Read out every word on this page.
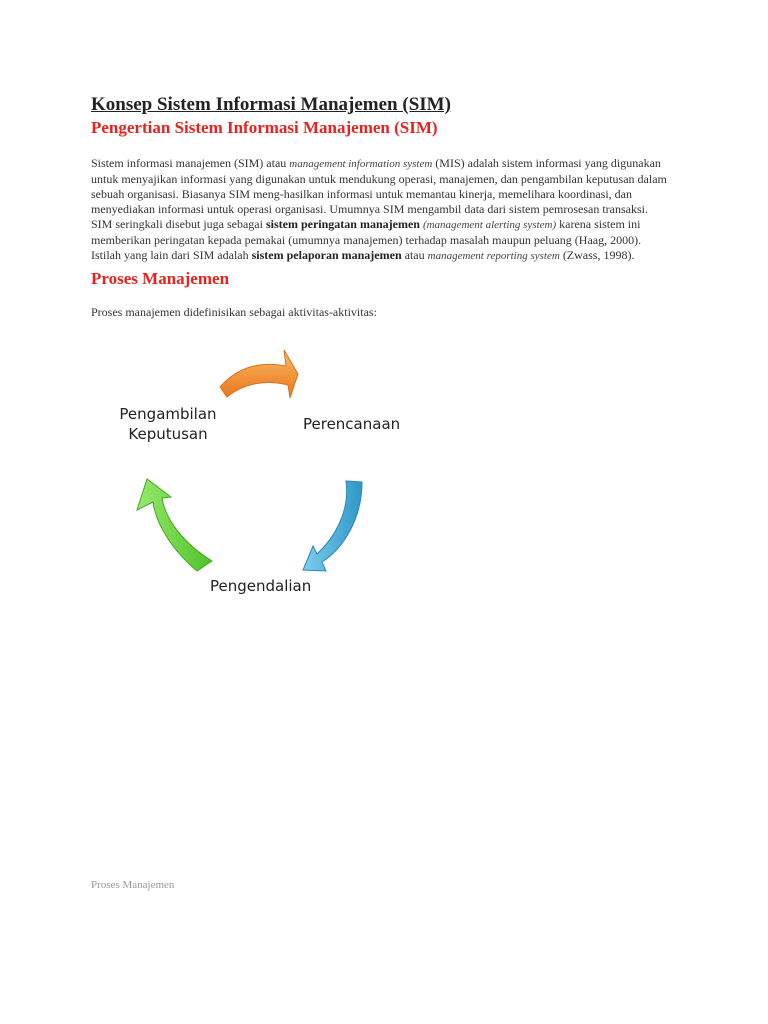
Konsep Sistem Informasi Manajemen (SIM)
Pengertian Sistem Informasi Manajemen (SIM)

Sistem informasi manajemen (SIM) atau management information system (MIS) adalah sistem informasi yang digunakan untuk menyajikan informasi yang digunakan untuk mendukung operasi, manajemen, dan pengambilan keputusan dalam sebuah organisasi. Biasanya SIM meng-hasilkan informasi untuk memantau kinerja, memelihara koordinasi, dan menyediakan informasi untuk operasi organisasi. Umumnya SIM mengambil data dari sistem pemrosesan transaksi.

SIM seringkali disebut juga sebagai sistem peringatan manajemen (management alerting system) karena sistem ini memberikan peringatan kepada pemakai (umumnya manajemen) terhadap masalah maupun peluang (Haag, 2000).

Istilah yang lain dari SIM adalah sistem pelaporan manajemen atau management reporting system (Zwass, 1998).

Proses Manajemen

Proses manajemen didefinisikan sebagai aktivitas-aktivitas:

Pengambilan
Keputusan
Perencanaan
Pengendalian
Proses Manajemen
